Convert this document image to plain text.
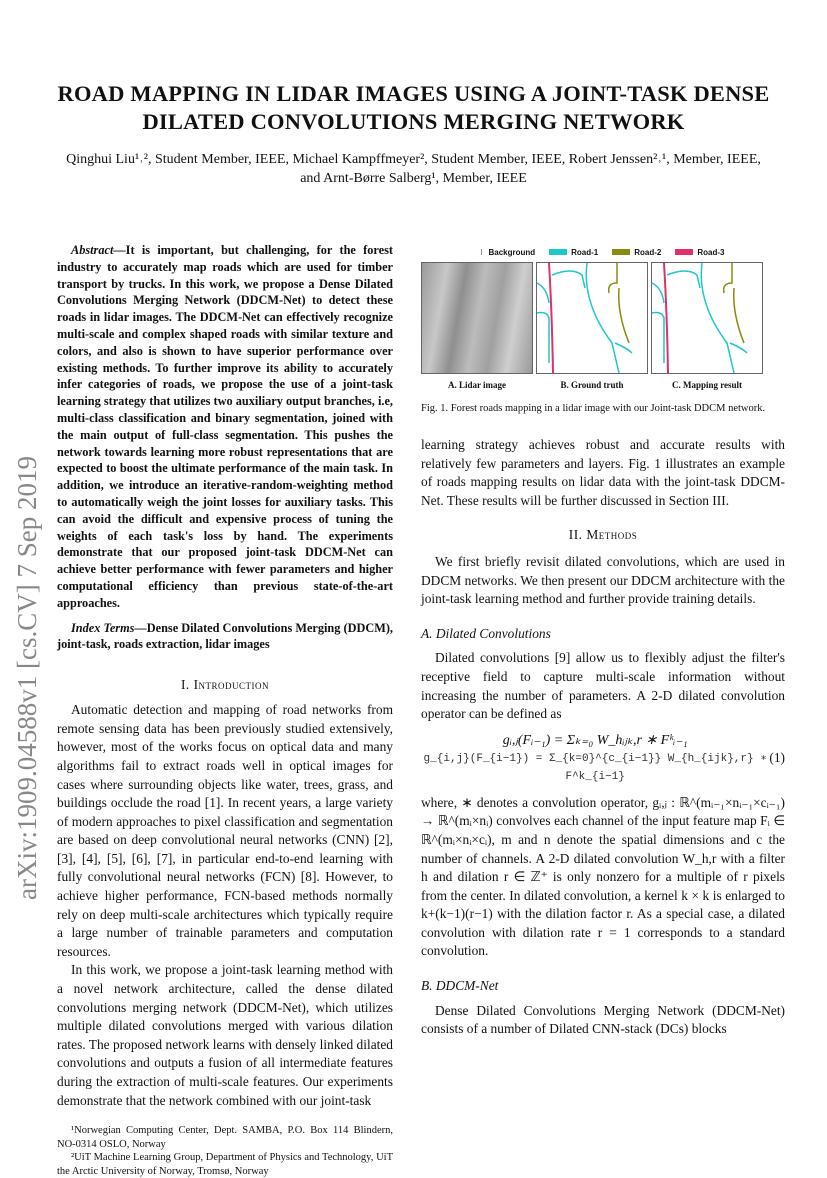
ROAD MAPPING IN LIDAR IMAGES USING A JOINT-TASK DENSE DILATED CONVOLUTIONS MERGING NETWORK
Qinghui Liu¹˒², Student Member, IEEE, Michael Kampffmeyer², Student Member, IEEE, Robert Jenssen²˒¹, Member, IEEE, and Arnt-Børre Salberg¹, Member, IEEE
arXiv:1909.04588v1 [cs.CV] 7 Sep 2019

Abstract—It is important, but challenging, for the forest industry to accurately map roads which are used for timber transport by trucks. In this work, we propose a Dense Dilated Convolutions Merging Network (DDCM-Net) to detect these roads in lidar images. The DDCM-Net can effectively recognize multi-scale and complex shaped roads with similar texture and colors, and also is shown to have superior performance over existing methods. To further improve its ability to accurately infer categories of roads, we propose the use of a joint-task learning strategy that utilizes two auxiliary output branches, i.e, multi-class classification and binary segmentation, joined with the main output of full-class segmentation. This pushes the network towards learning more robust representations that are expected to boost the ultimate performance of the main task. In addition, we introduce an iterative-random-weighting method to automatically weigh the joint losses for auxiliary tasks. This can avoid the difficult and expensive process of tuning the weights of each task's loss by hand. The experiments demonstrate that our proposed joint-task DDCM-Net can achieve better performance with fewer parameters and higher computational efficiency than previous state-of-the-art approaches.

Index Terms—Dense Dilated Convolutions Merging (DDCM), joint-task, roads extraction, lidar images

I. Introduction

Automatic detection and mapping of road networks from remote sensing data has been previously studied extensively, however, most of the works focus on optical data and many algorithms fail to extract roads well in optical images for cases where surrounding objects like water, trees, grass, and buildings occlude the road [1]. In recent years, a large variety of modern approaches to pixel classification and segmentation are based on deep convolutional neural networks (CNN) [2], [3], [4], [5], [6], [7], in particular end-to-end learning with fully convolutional neural networks (FCN) [8]. However, to achieve higher performance, FCN-based methods normally rely on deep multi-scale architectures which typically require a large number of trainable parameters and computation resources.

In this work, we propose a joint-task learning method with a novel network architecture, called the dense dilated convolutions merging network (DDCM-Net), which utilizes multiple dilated convolutions merged with various dilation rates. The proposed network learns with densely linked dilated convolutions and outputs a fusion of all intermediate features during the extraction of multi-scale features. Our experiments demonstrate that the network combined with our joint-task

¹Norwegian Computing Center, Dept. SAMBA, P.O. Box 114 Blindern, NO-0314 OSLO, Norway

²UiT Machine Learning Group, Department of Physics and Technology, UiT the Arctic University of Norway, Tromsø, Norway

Background	Road-1	Road-2	Road-3
A. Lidar image	B. Ground truth	C. Mapping result
Fig. 1. Forest roads mapping in a lidar image with our Joint-task DDCM network.

learning strategy achieves robust and accurate results with relatively few parameters and layers. Fig. 1 illustrates an example of roads mapping results on lidar data with the joint-task DDCM-Net. These results will be further discussed in Section III.

II. Methods

We first briefly revisit dilated convolutions, which are used in DDCM networks. We then present our DDCM architecture with the joint-task learning method and further provide training details.

A. Dilated Convolutions

Dilated convolutions [9] allow us to flexibly adjust the filter's receptive field to capture multi-scale information without increasing the number of parameters. A 2-D dilated convolution operator can be defined as

gᵢ,ⱼ(Fᵢ₋₁) = Σₖ₌₀ W_hᵢⱼₖ,r ∗ Fᵏᵢ₋₁
g_{i,j}(F_{i−1}) = Σ_{k=0}^{c_{i−1}} W_{h_{ijk},r} ∗ F^k_{i−1}
(1)

where, ∗ denotes a convolution operator, gᵢ,ⱼ : ℝ^(mᵢ₋₁×nᵢ₋₁×cᵢ₋₁) → ℝ^(mᵢ×nᵢ) convolves each channel of the input feature map Fᵢ ∈ ℝ^(mᵢ×nᵢ×cᵢ), m and n denote the spatial dimensions and c the number of channels. A 2-D dilated convolution W_h,r with a filter h and dilation r ∈ ℤ⁺ is only nonzero for a multiple of r pixels from the center. In dilated convolution, a kernel k × k is enlarged to k+(k−1)(r−1) with the dilation factor r. As a special case, a dilated convolution with dilation rate r = 1 corresponds to a standard convolution.

B. DDCM-Net

Dense Dilated Convolutions Merging Network (DDCM-Net) consists of a number of Dilated CNN-stack (DCs) blocks
